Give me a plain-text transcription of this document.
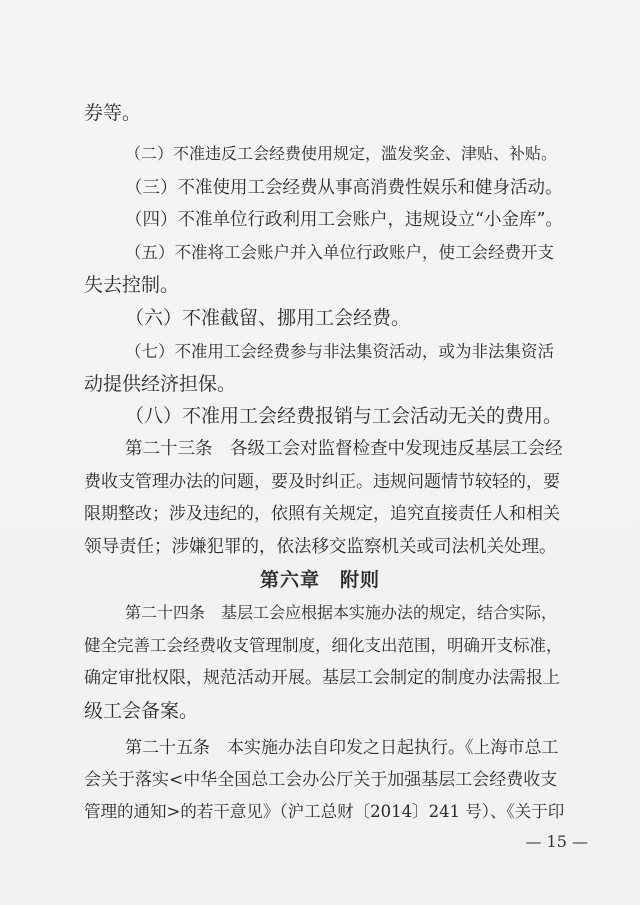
券等。
（二）不准违反工会经费使用规定，滥发奖金、津贴、补贴。
（三）不准使用工会经费从事高消费性娱乐和健身活动。
（四）不准单位行政利用工会账户，违规设立“小金库”。
（五）不准将工会账户并入单位行政账户，使工会经费开支
失去控制。
（六）不准截留、挪用工会经费。
（七）不准用工会经费参与非法集资活动，或为非法集资活
动提供经济担保。
（八）不准用工会经费报销与工会活动无关的费用。
第二十三条　各级工会对监督检查中发现违反基层工会经
费收支管理办法的问题，要及时纠正。违规问题情节较轻的，要
限期整改；涉及违纪的，依照有关规定，追究直接责任人和相关
领导责任；涉嫌犯罪的，依法移交监察机关或司法机关处理。
第六章　附则
第二十四条　基层工会应根据本实施办法的规定，结合实际，
健全完善工会经费收支管理制度，细化支出范围，明确开支标准，
确定审批权限，规范活动开展。基层工会制定的制度办法需报上
级工会备案。
第二十五条　本实施办法自印发之日起执行。《上海市总工
会关于落实<中华全国总工会办公厅关于加强基层工会经费收支
管理的通知>的若干意见》（沪工总财〔2014〕241 号）、《关于印
— 15 —
